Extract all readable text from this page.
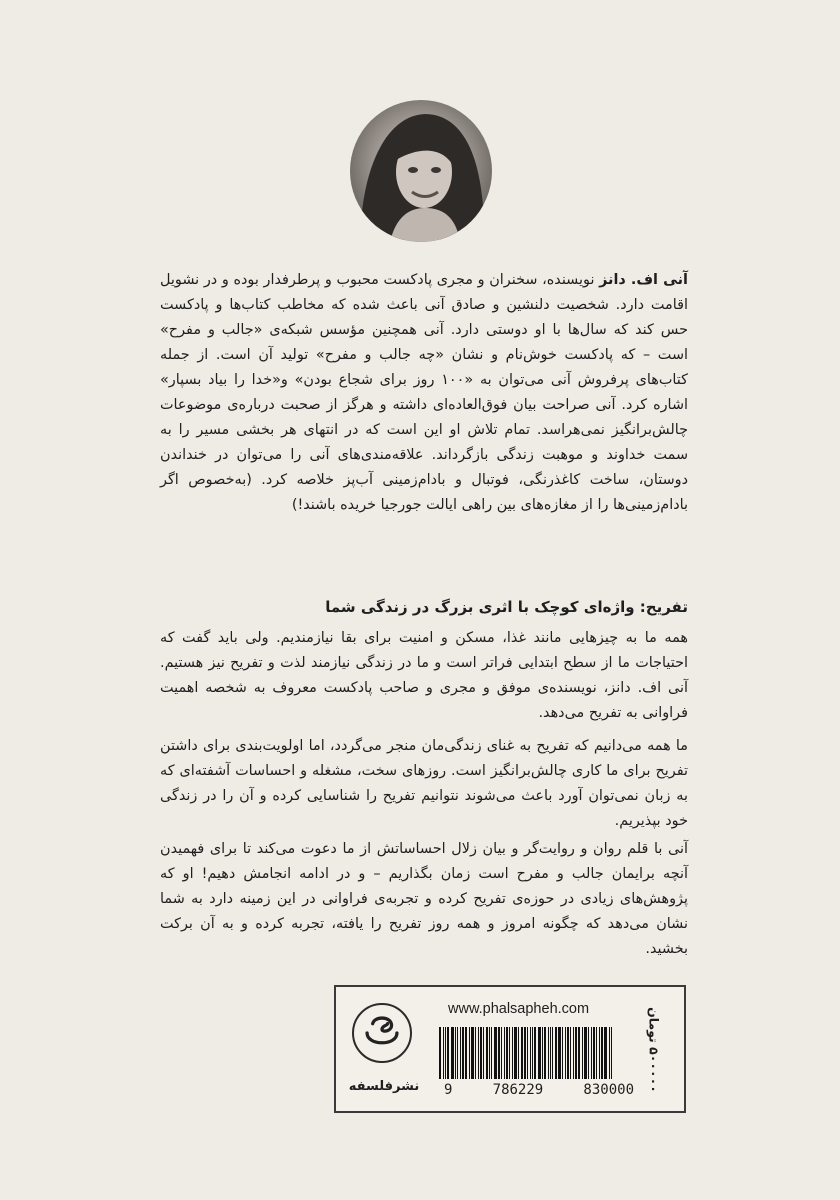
آنی اف. دانز نویسنده، سخنران و مجری پادکست محبوب و پرطرفدار بوده و در نشویل اقامت دارد. شخصیت دلنشین و صادق آنی باعث شده که مخاطب کتاب‌ها و پادکست حس کند که سال‌ها با او دوستی دارد. آنی همچنین مؤسس شبکه‌ی «جالب و مفرح» است – که پادکست خوش‌نام و نشان «چه جالب و مفرح» تولید آن است. از جمله کتاب‌های پرفروش آنی می‌توان به «۱۰۰ روز برای شجاع بودن» و«خدا را بیاد بسپار» اشاره کرد. آنی صراحت بیان فوق‌العاده‌ای داشته و هرگز از صحبت درباره‌ی موضوعات چالش‌برانگیز نمی‌هراسد. تمام تلاش او این است که در انتهای هر بخشی مسیر را به سمت خداوند و موهبت زندگی بازگرداند. علاقه‌مندی‌های آنی را می‌توان در خنداندن دوستان، ساخت کاغذرنگی، فوتبال و بادام‌زمینی آب‌پز خلاصه کرد. (به‌خصوص اگر بادام‌زمینی‌ها را از مغازه‌های بین راهی ایالت جورجیا خریده باشند!)

تفریح: واژه‌ای کوچک با اثری بزرگ در زندگی شما

همه ما به چیزهایی مانند غذا، مسکن و امنیت برای بقا نیازمندیم. ولی باید گفت که احتیاجات ما از سطح ابتدایی فراتر است و ما در زندگی نیازمند لذت و تفریح نیز هستیم. آنی اف. دانز، نویسنده‌ی موفق و مجری و صاحب پادکست معروف به شخصه اهمیت فراوانی به تفریح می‌دهد.

ما همه می‌دانیم که تفریح به غنای زندگی‌مان منجر می‌گردد، اما اولویت‌بندی برای داشتن تفریح برای ما کاری چالش‌برانگیز است. روزهای سخت، مشغله و احساسات آشفته‌ای که به زبان نمی‌توان آورد باعث می‌شوند نتوانیم تفریح را شناسایی کرده و آن را در زندگی خود بپذیریم.

آنی با قلم روان و روایت‌گر و بیان زلال احساساتش از ما دعوت می‌کند تا برای فهمیدن آنچه برایمان جالب و مفرح است زمان بگذاریم – و در ادامه انجامش دهیم! او که پژوهش‌های زیادی در حوزه‌ی تفریح کرده و تجربه‌ی فراوانی در این زمینه دارد به شما نشان می‌دهد که چگونه امروز و همه روز تفریح را یافته، تجربه کرده و به آن برکت بخشید.

نشرفلسفه
www.phalsapheh.com
9	786229	830000
۵۰۰۰۰۰ تومان
